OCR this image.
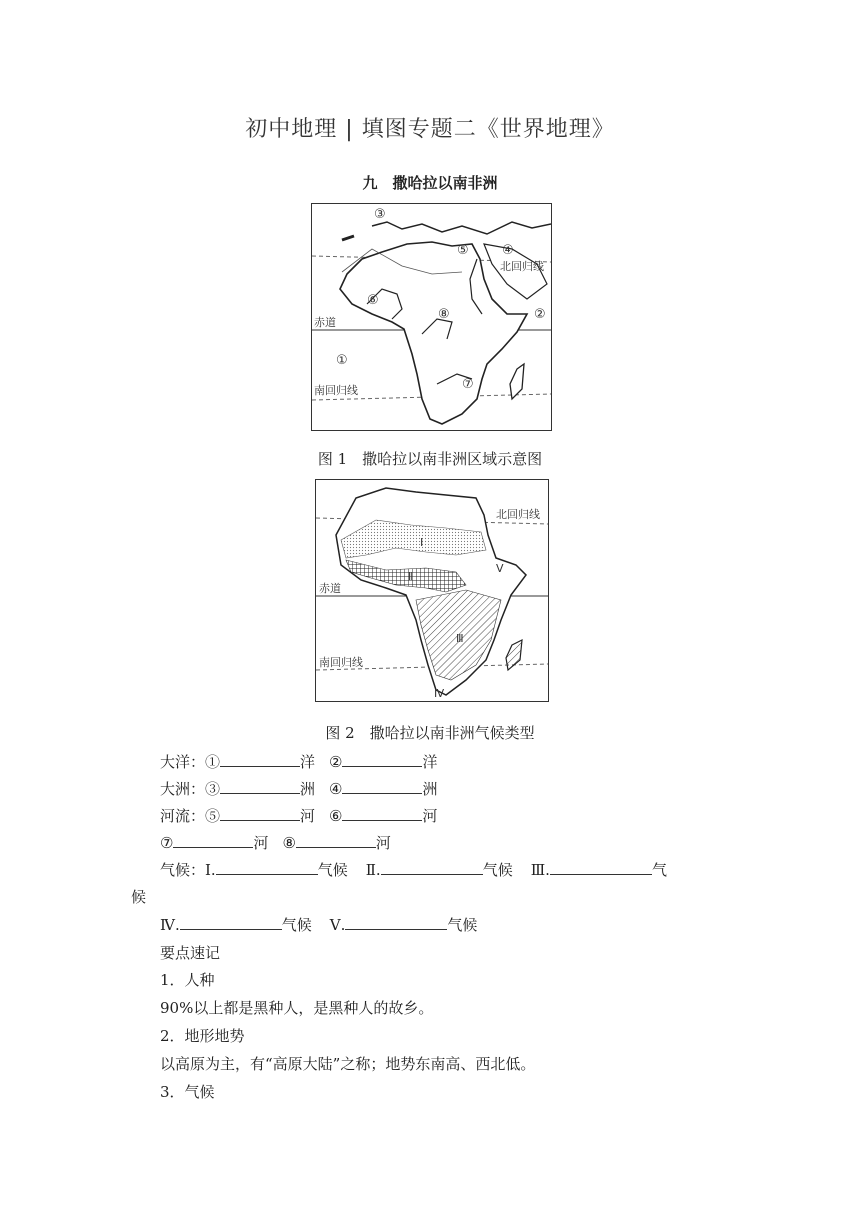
初中地理 | 填图专题二《世界地理》
九　撒哈拉以南非洲
③
④
北回归线
⑤
⑥
⑧	②
赤道
①
南回归线	⑦
图 1　撒哈拉以南非洲区域示意图
北回归线
Ⅰ
Ⅱ
Ⅴ
赤道
Ⅲ
南回归线
Ⅳ
图 2　撒哈拉以南非洲气候类型
大洋：①	洋 ②	洋
大洲：③	洲 ④	洲
河流：⑤	河 ⑥	河
⑦	河 ⑧	河
气候：Ⅰ.	气候 Ⅱ.	气候 Ⅲ.	气
候
Ⅳ.	气候 Ⅴ.	气候
要点速记
1．人种
90%以上都是黑种人，是黑种人的故乡。
2．地形地势
以高原为主，有“高原大陆”之称；地势东南高、西北低。
3．气候
